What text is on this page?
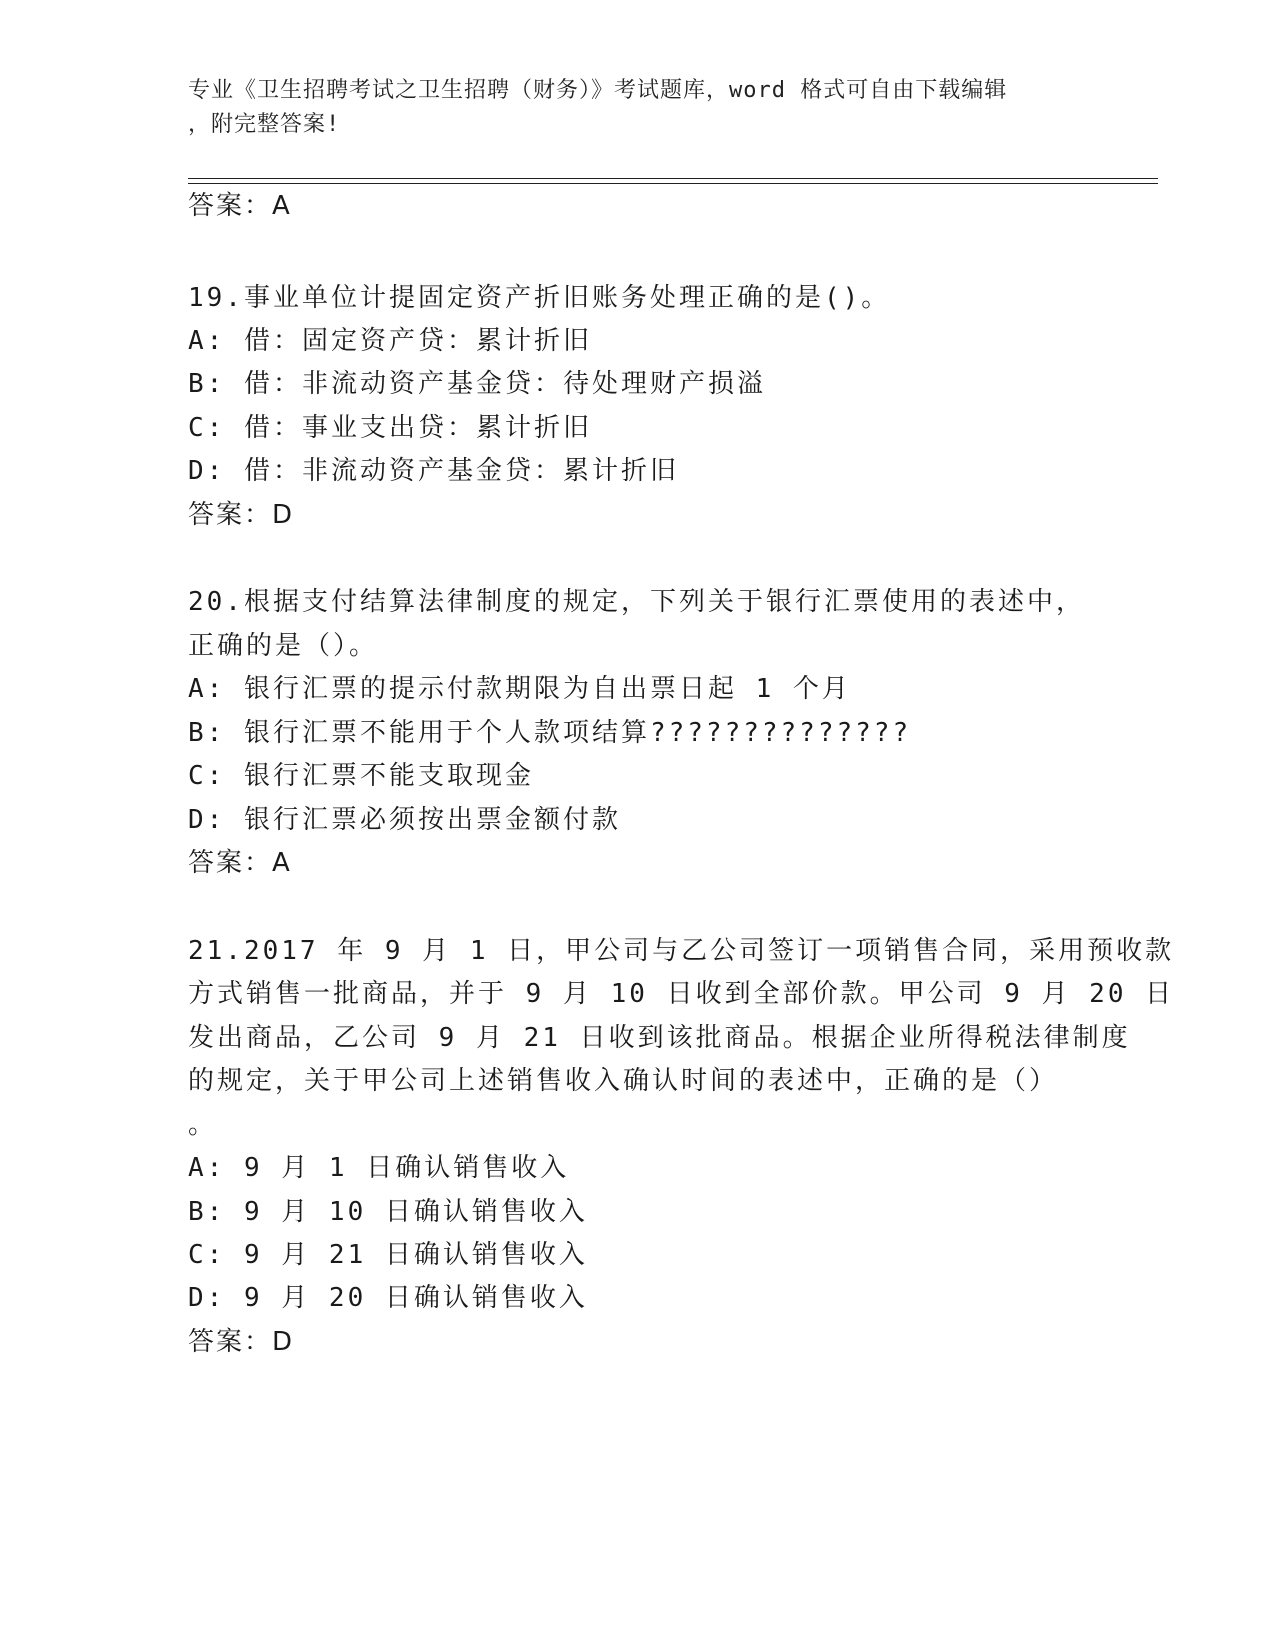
专业《卫生招聘考试之卫生招聘（财务）》考试题库，word 格式可自由下载编辑
，附完整答案!
答案：A
19.事业单位计提固定资产折旧账务处理正确的是()。
A: 借：固定资产贷：累计折旧
B: 借：非流动资产基金贷：待处理财产损溢
C: 借：事业支出贷：累计折旧
D: 借：非流动资产基金贷：累计折旧
答案：D
20.根据支付结算法律制度的规定，下列关于银行汇票使用的表述中，
正确的是（）。
A: 银行汇票的提示付款期限为自出票日起 1 个月
B: 银行汇票不能用于个人款项结算??????????????
C: 银行汇票不能支取现金
D: 银行汇票必须按出票金额付款
答案：A
21.2017 年 9 月 1 日，甲公司与乙公司签订一项销售合同，采用预收款
方式销售一批商品，并于 9 月 10 日收到全部价款。甲公司 9 月 20 日
发出商品，乙公司 9 月 21 日收到该批商品。根据企业所得税法律制度
的规定，关于甲公司上述销售收入确认时间的表述中，正确的是（）
。
A: 9 月 1 日确认销售收入
B: 9 月 10 日确认销售收入
C: 9 月 21 日确认销售收入
D: 9 月 20 日确认销售收入
答案：D
